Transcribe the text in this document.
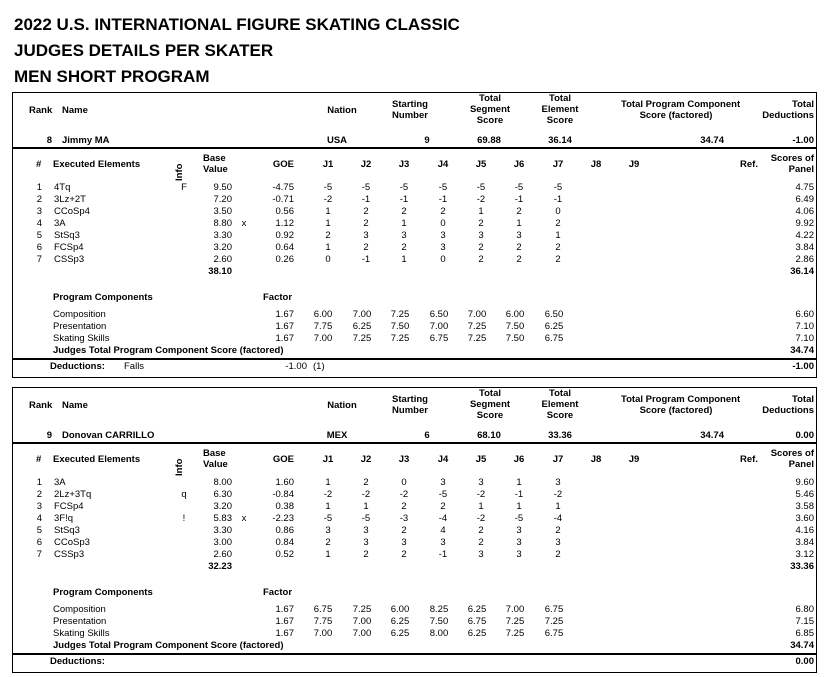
2022 U.S. INTERNATIONAL FIGURE SKATING CLASSIC
JUDGES DETAILS PER SKATER
MEN SHORT PROGRAM
Rank Name	Nation
Starting
Number
Total
Segment
Score
Total
Element
Score
Total Program Component
Score (factored)
Total
Deductions
8 Jimmy MA	USA	9	69.88	36.14	34.74	-1.00
# Executed Elements	Info
Base
Value	GOE	J1	J2	J3	J4	J5	J6	J7	J8	J9	Ref.
Scores of
Panel
1 4Tq	F	9.50	-4.75	-5	-5	-5	-5	-5	-5	-5	4.75
2 3Lz+2T	7.20	-0.71	-2	-1	-1	-1	-2	-1	-1	6.49
3 CCoSp4	3.50	0.56	1	2	2	2	1	2	0	4.06
4 3A	8.80	x	1.12	1	2	1	0	2	1	2	9.92
5 StSq3	3.30	0.92	2	3	3	3	3	3	1	4.22
6 FCSp4	3.20	0.64	1	2	2	3	2	2	2	3.84
7 CSSp3	2.60	0.26	0	-1	1	0	2	2	2	2.86
38.10	36.14
Program Components	Factor
Composition	1.67	6.00	7.00	7.25	6.50	7.00	6.00	6.50	6.60
Presentation	1.67	7.75	6.25	7.50	7.00	7.25	7.50	6.25	7.10
Skating Skills	1.67	7.00	7.25	7.25	6.75	7.25	7.50	6.75	7.10
Judges Total Program Component Score (factored)	34.74
Deductions: Falls	-1.00 (1)	-1.00
Rank Name	Nation
Starting
Number
Total
Segment
Score
Total
Element
Score
Total Program Component
Score (factored)
Total
Deductions
9 Donovan CARRILLO	MEX	6	68.10	33.36	34.74	0.00
# Executed Elements	Info
Base
Value	GOE	J1	J2	J3	J4	J5	J6	J7	J8	J9	Ref.
Scores of
Panel
1 3A	8.00	1.60	1	2	0	3	3	1	3	9.60
2 2Lz+3Tq	q	6.30	-0.84	-2	-2	-2	-5	-2	-1	-2	5.46
3 FCSp4	3.20	0.38	1	1	2	2	1	1	1	3.58
4 3F!q	!	5.83	x	-2.23	-5	-5	-3	-4	-2	-5	-4	3.60
5 StSq3	3.30	0.86	3	3	2	4	2	3	2	4.16
6 CCoSp3	3.00	0.84	2	3	3	3	2	3	3	3.84
7 CSSp3	2.60	0.52	1	2	2	-1	3	3	2	3.12
32.23	33.36
Program Components	Factor
Composition	1.67	6.75	7.25	6.00	8.25	6.25	7.00	6.75	6.80
Presentation	1.67	7.75	7.00	6.25	7.50	6.75	7.25	7.25	7.15
Skating Skills	1.67	7.00	7.00	6.25	8.00	6.25	7.25	6.75	6.85
Judges Total Program Component Score (factored)	34.74
Deductions:	0.00
